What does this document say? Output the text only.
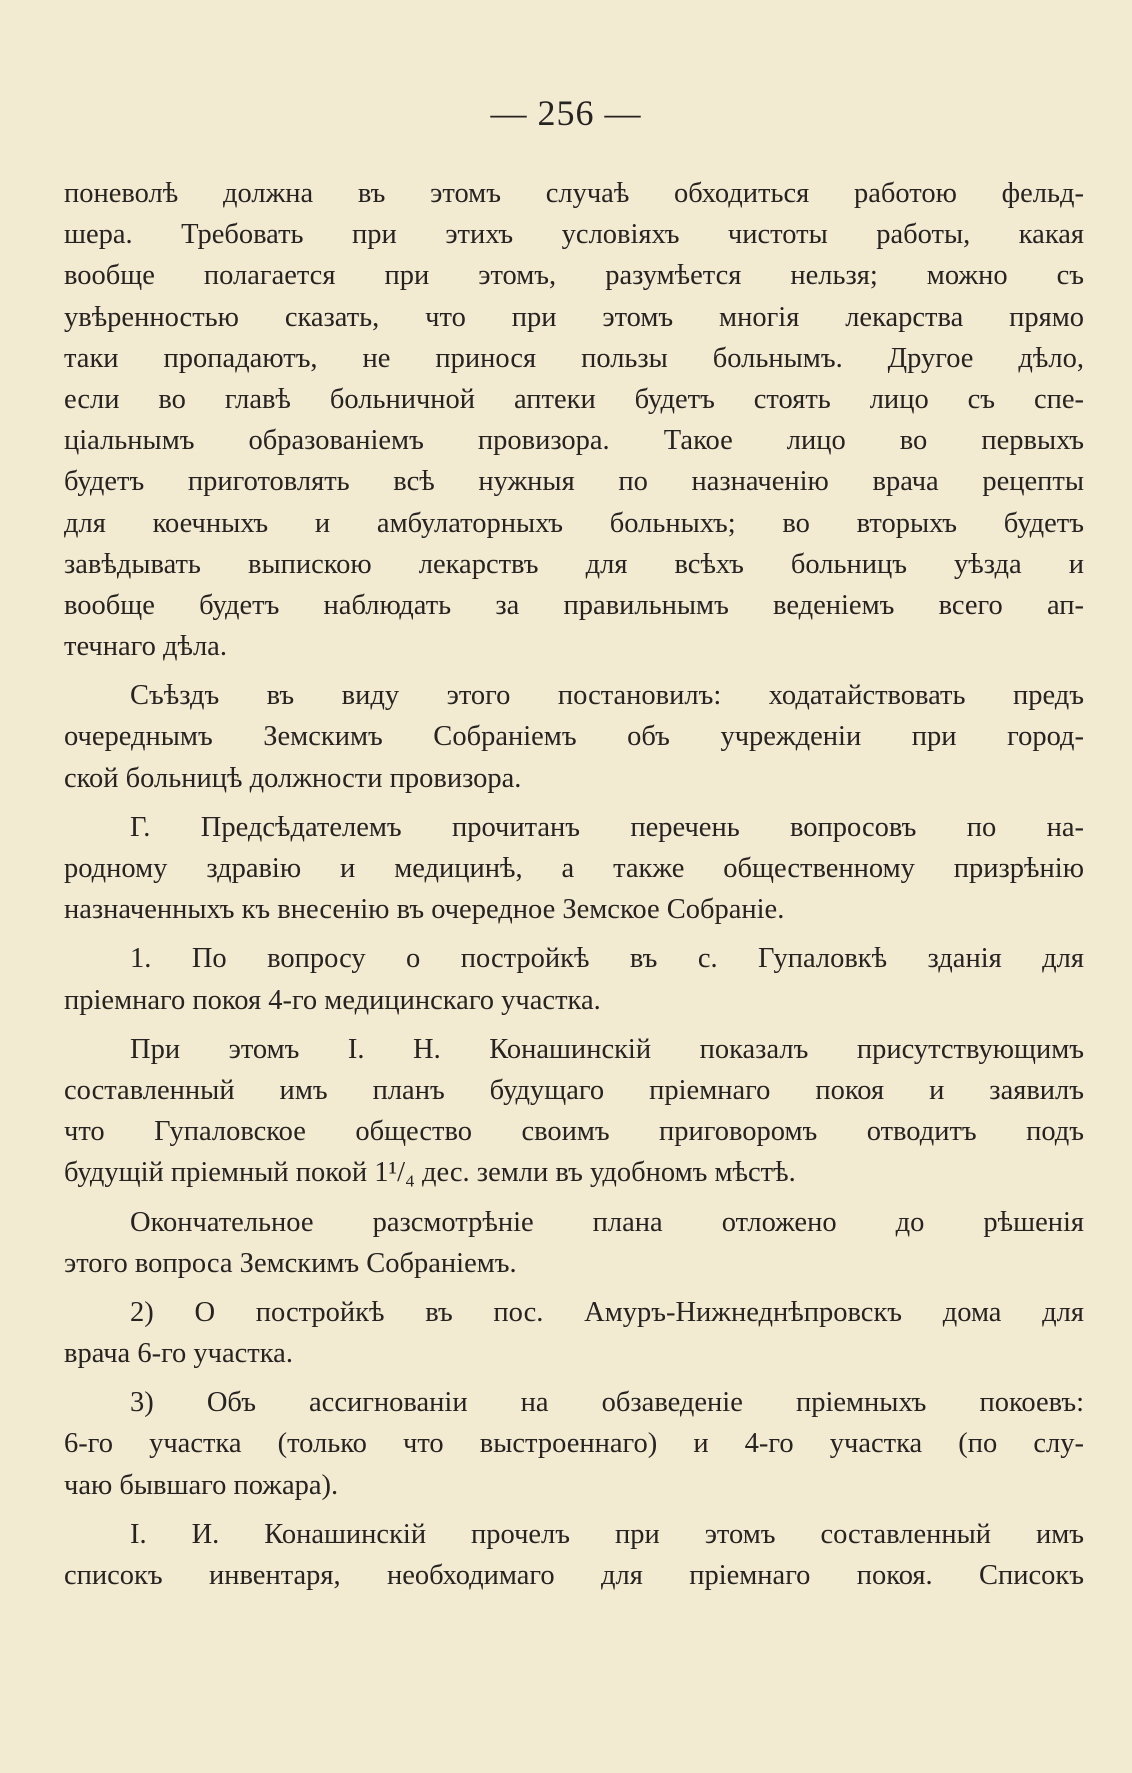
— 256 —
поневолѣ должна въ этомъ случаѣ обходиться работою фельд-
шера. Требовать при этихъ условіяхъ чистоты работы, какая
вообще полагается при этомъ, разумѣется нельзя; можно съ
увѣренностью сказать, что при этомъ многія лекарства прямо
таки пропадаютъ, не принося пользы больнымъ. Другое дѣло,
если во главѣ больничной аптеки будетъ стоять лицо съ спе-
ціальнымъ образованіемъ провизора. Такое лицо во первыхъ
будетъ приготовлять всѣ нужныя по назначенію врача рецепты
для коечныхъ и амбулаторныхъ больныхъ; во вторыхъ будетъ
завѣдывать выпискою лекарствъ для всѣхъ больницъ уѣзда и
вообще будетъ наблюдать за правильнымъ веденіемъ всего ап-
течнаго дѣла.
Съѣздъ въ виду этого постановилъ: ходатайствовать предъ
очереднымъ Земскимъ Собраніемъ объ учрежденіи при город-
ской больницѣ должности провизора.
Г. Предсѣдателемъ прочитанъ перечень вопросовъ по на-
родному здравію и медицинѣ, а также общественному призрѣнію
назначенныхъ къ внесенію въ очередное Земское Собраніе.
1. По вопросу о постройкѣ въ с. Гупаловкѣ зданія для
пріемнаго покоя 4-го медицинскаго участка.
При этомъ І. Н. Конашинскій показалъ присутствующимъ
составленный имъ планъ будущаго пріемнаго покоя и заявилъ
что Гупаловское общество своимъ приговоромъ отводитъ подъ
будущій пріемный покой 1¹/₄ дес. земли въ удобномъ мѣстѣ.
Окончательное разсмотрѣніе плана отложено до рѣшенія
этого вопроса Земскимъ Собраніемъ.
2) О постройкѣ въ пос. Амуръ-Нижнеднѣпровскъ дома для
врача 6-го участка.
3) Объ ассигнованіи на обзаведеніе пріемныхъ покоевъ:
6-го участка (только что выстроеннаго) и 4-го участка (по слу-
чаю бывшаго пожара).
І. И. Конашинскій прочелъ при этомъ составленный имъ
списокъ инвентаря, необходимаго для пріемнаго покоя. Списокъ
